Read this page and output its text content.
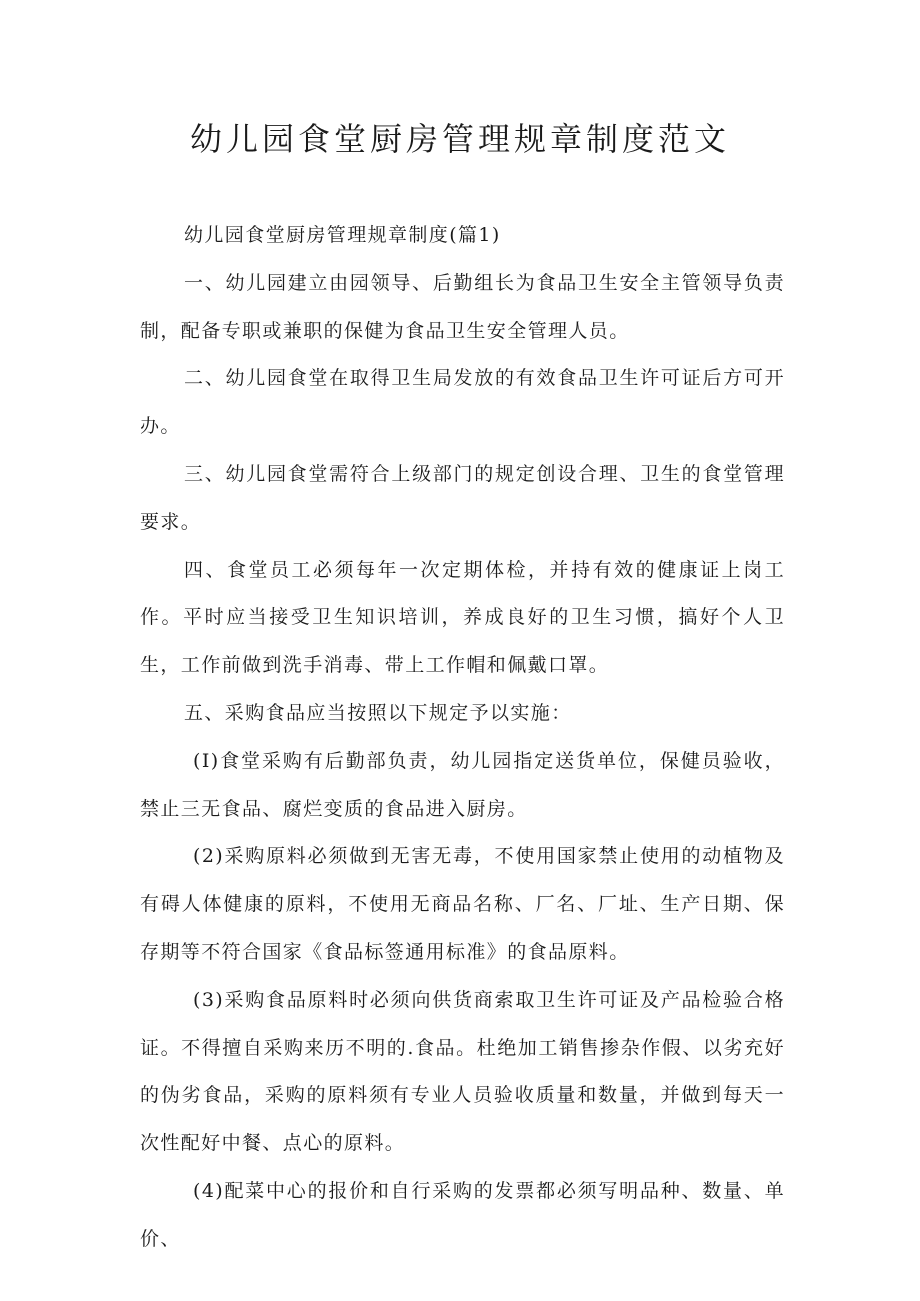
幼儿园食堂厨房管理规章制度范文

幼儿园食堂厨房管理规章制度(篇1)

一、幼儿园建立由园领导、后勤组长为食品卫生安全主管领导负责制，配备专职或兼职的保健为食品卫生安全管理人员。

二、幼儿园食堂在取得卫生局发放的有效食品卫生许可证后方可开办。

三、幼儿园食堂需符合上级部门的规定创设合理、卫生的食堂管理要求。

四、食堂员工必须每年一次定期体检，并持有效的健康证上岗工作。平时应当接受卫生知识培训，养成良好的卫生习惯，搞好个人卫生，工作前做到洗手消毒、带上工作帽和佩戴口罩。

五、采购食品应当按照以下规定予以实施：

(I)食堂采购有后勤部负责，幼儿园指定送货单位，保健员验收，禁止三无食品、腐烂变质的食品进入厨房。

(2)采购原料必须做到无害无毒，不使用国家禁止使用的动植物及有碍人体健康的原料，不使用无商品名称、厂名、厂址、生产日期、保存期等不符合国家《食品标签通用标准》的食品原料。

(3)采购食品原料时必须向供货商索取卫生许可证及产品检验合格证。不得擅自采购来历不明的.食品。杜绝加工销售掺杂作假、以劣充好的伪劣食品，采购的原料须有专业人员验收质量和数量，并做到每天一次性配好中餐、点心的原料。

(4)配菜中心的报价和自行采购的发票都必须写明品种、数量、单价、
